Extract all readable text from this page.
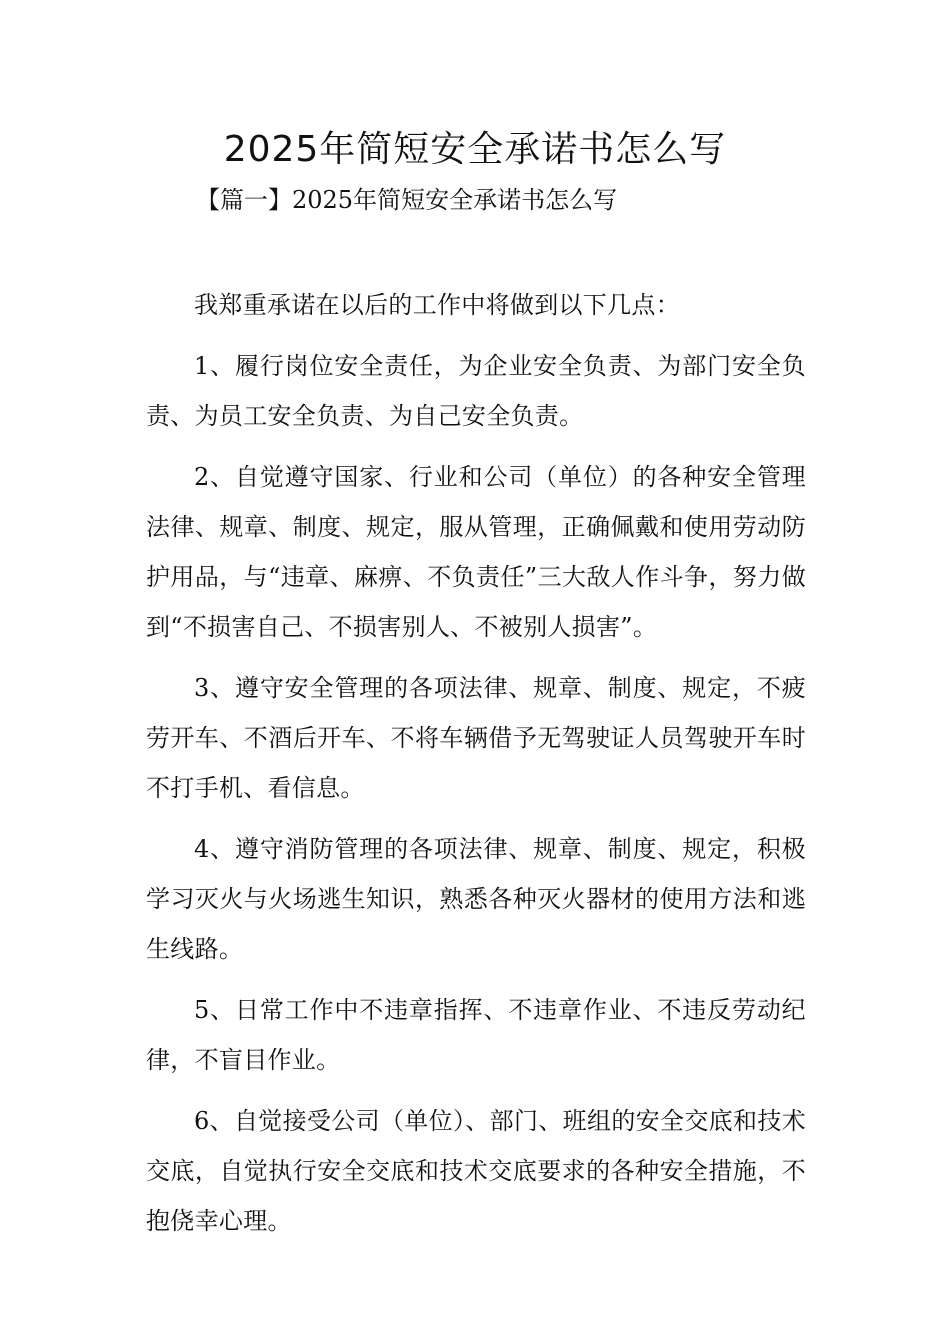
2025年简短安全承诺书怎么写
【篇一】2025年简短安全承诺书怎么写

我郑重承诺在以后的工作中将做到以下几点：

1、履行岗位安全责任，为企业安全负责、为部门安全负责、为员工安全负责、为自己安全负责。

2、自觉遵守国家、行业和公司（单位）的各种安全管理法律、规章、制度、规定，服从管理，正确佩戴和使用劳动防护用品，与“违章、麻痹、不负责任”三大敌人作斗争，努力做到“不损害自己、不损害别人、不被别人损害”。

3、遵守安全管理的各项法律、规章、制度、规定，不疲劳开车、不酒后开车、不将车辆借予无驾驶证人员驾驶开车时不打手机、看信息。

4、遵守消防管理的各项法律、规章、制度、规定，积极学习灭火与火场逃生知识，熟悉各种灭火器材的使用方法和逃生线路。

5、日常工作中不违章指挥、不违章作业、不违反劳动纪律，不盲目作业。

6、自觉接受公司（单位）、部门、班组的安全交底和技术交底，自觉执行安全交底和技术交底要求的各种安全措施，不抱侥幸心理。
